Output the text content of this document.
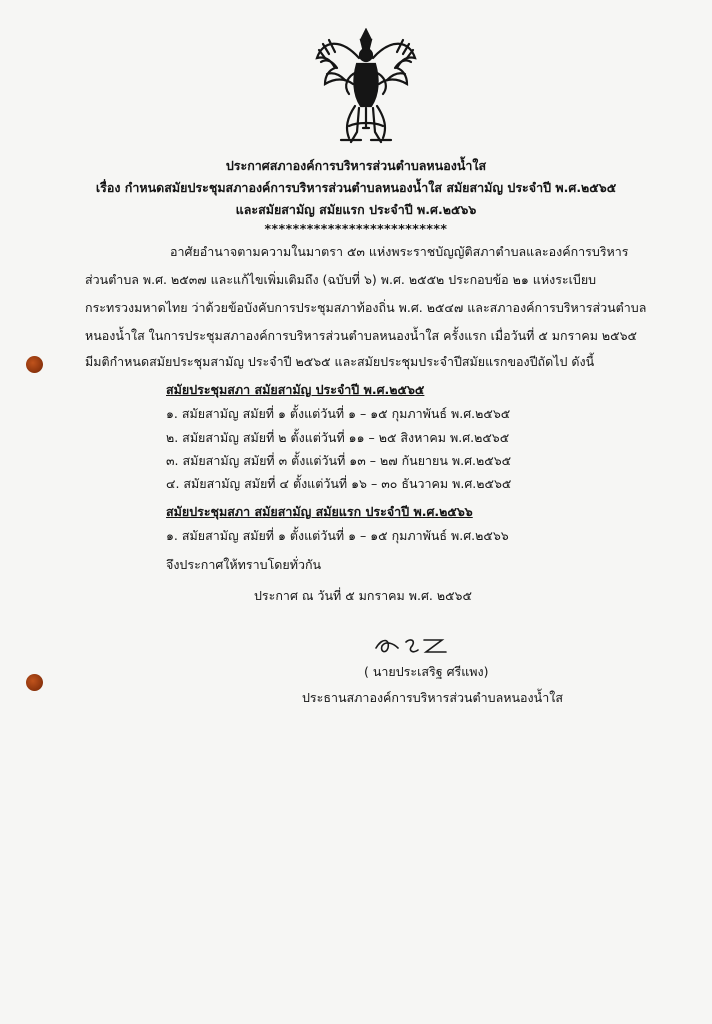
ประกาศสภาองค์การบริหารส่วนตำบลหนองน้ำใส
เรื่อง กำหนดสมัยประชุมสภาองค์การบริหารส่วนตำบลหนองน้ำใส สมัยสามัญ ประจำปี พ.ศ.๒๕๖๕
และสมัยสามัญ สมัยแรก ประจำปี พ.ศ.๒๕๖๖
**************************
อาศัยอำนาจตามความในมาตรา ๕๓ แห่งพระราชบัญญัติสภาตำบลและองค์การบริหาร
ส่วนตำบล พ.ศ. ๒๕๓๗ และแก้ไขเพิ่มเติมถึง (ฉบับที่ ๖) พ.ศ. ๒๕๕๒ ประกอบข้อ ๒๑ แห่งระเบียบ
กระทรวงมหาดไทย ว่าด้วยข้อบังคับการประชุมสภาท้องถิ่น พ.ศ. ๒๕๔๗ และสภาองค์การบริหารส่วนตำบล
หนองน้ำใส ในการประชุมสภาองค์การบริหารส่วนตำบลหนองน้ำใส ครั้งแรก เมื่อวันที่ ๕ มกราคม ๒๕๖๕
มีมติกำหนดสมัยประชุมสามัญ ประจำปี ๒๕๖๕ และสมัยประชุมประจำปีสมัยแรกของปีถัดไป ดังนี้
สมัยประชุมสภา สมัยสามัญ ประจำปี พ.ศ.๒๕๖๕
๑. สมัยสามัญ สมัยที่ ๑ ตั้งแต่วันที่ ๑ – ๑๕ กุมภาพันธ์ พ.ศ.๒๕๖๕
๒. สมัยสามัญ สมัยที่ ๒ ตั้งแต่วันที่ ๑๑ – ๒๕ สิงหาคม พ.ศ.๒๕๖๕
๓. สมัยสามัญ สมัยที่ ๓ ตั้งแต่วันที่ ๑๓ – ๒๗ กันยายน พ.ศ.๒๕๖๕
๔. สมัยสามัญ สมัยที่ ๔ ตั้งแต่วันที่ ๑๖ – ๓๐ ธันวาคม พ.ศ.๒๕๖๕
สมัยประชุมสภา สมัยสามัญ สมัยแรก ประจำปี พ.ศ.๒๕๖๖
๑. สมัยสามัญ สมัยที่ ๑ ตั้งแต่วันที่ ๑ – ๑๕ กุมภาพันธ์ พ.ศ.๒๕๖๖
จึงประกาศให้ทราบโดยทั่วกัน
ประกาศ ณ วันที่ ๕ มกราคม พ.ศ. ๒๕๖๕
( นายประเสริฐ ศรีแพง)
ประธานสภาองค์การบริหารส่วนตำบลหนองน้ำใส
